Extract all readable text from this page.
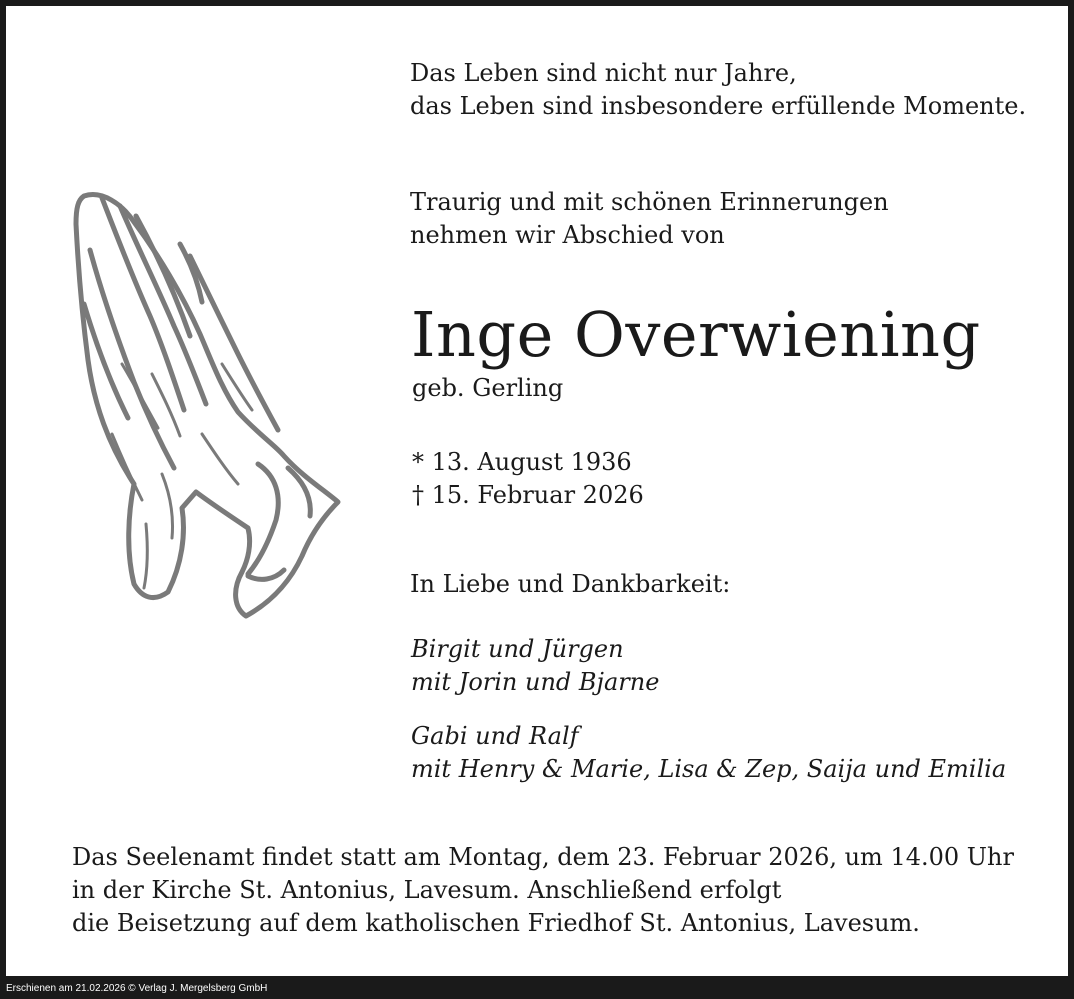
Das Leben sind nicht nur Jahre,
das Leben sind insbesondere erfüllende Momente.

Traurig und mit schönen Erinnerungen
nehmen wir Abschied von

Inge Overwiening

geb. Gerling

* 13. August 1936
† 15. Februar 2026

In Liebe und Dankbarkeit:

Birgit und Jürgen
mit Jorin und Bjarne

Gabi und Ralf
mit Henry & Marie, Lisa & Zep, Saija und Emilia

Das Seelenamt findet statt am Montag, dem 23. Februar 2026, um 14.00 Uhr
in der Kirche St. Antonius, Lavesum. Anschließend erfolgt
die Beisetzung auf dem katholischen Friedhof St. Antonius, Lavesum.

Erschienen am 21.02.2026 © Verlag J. Mergelsberg GmbH
